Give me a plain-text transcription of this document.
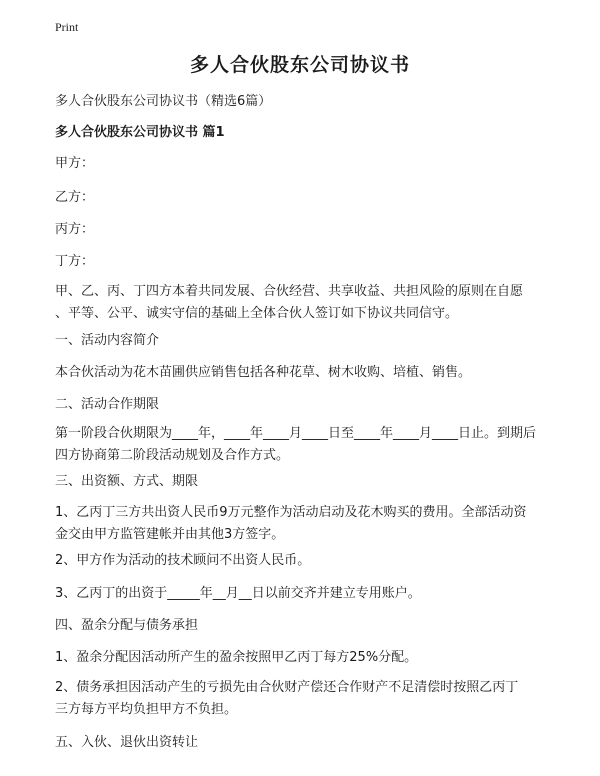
Print
多人合伙股东公司协议书
多人合伙股东公司协议书（精选6篇）
多人合伙股东公司协议书 篇1
甲方：
乙方：
丙方：
丁方：
甲、乙、丙、丁四方本着共同发展、合伙经营、共享收益、共担风险的原则在自愿
、平等、公平、诚实守信的基础上全体合伙人签订如下协议共同信守。
一、活动内容简介
本合伙活动为花木苗圃供应销售包括各种花草、树木收购、培植、销售。
二、活动合作期限
第一阶段合伙期限为____年，____年____月____日至____年____月____日止。到期后
四方协商第二阶段活动规划及合作方式。
三、出资额、方式、期限
1、乙丙丁三方共出资人民币9万元整作为活动启动及花木购买的费用。全部活动资
金交由甲方监管建帐并由其他3方签字。
2、甲方作为活动的技术顾问不出资人民币。
3、乙丙丁的出资于_____年__月__日以前交齐并建立专用账户。
四、盈余分配与债务承担
1、盈余分配因活动所产生的盈余按照甲乙丙丁每方25%分配。
2、债务承担因活动产生的亏损先由合伙财产偿还合作财产不足清偿时按照乙丙丁
三方每方平均负担甲方不负担。
五、入伙、退伙出资转让
